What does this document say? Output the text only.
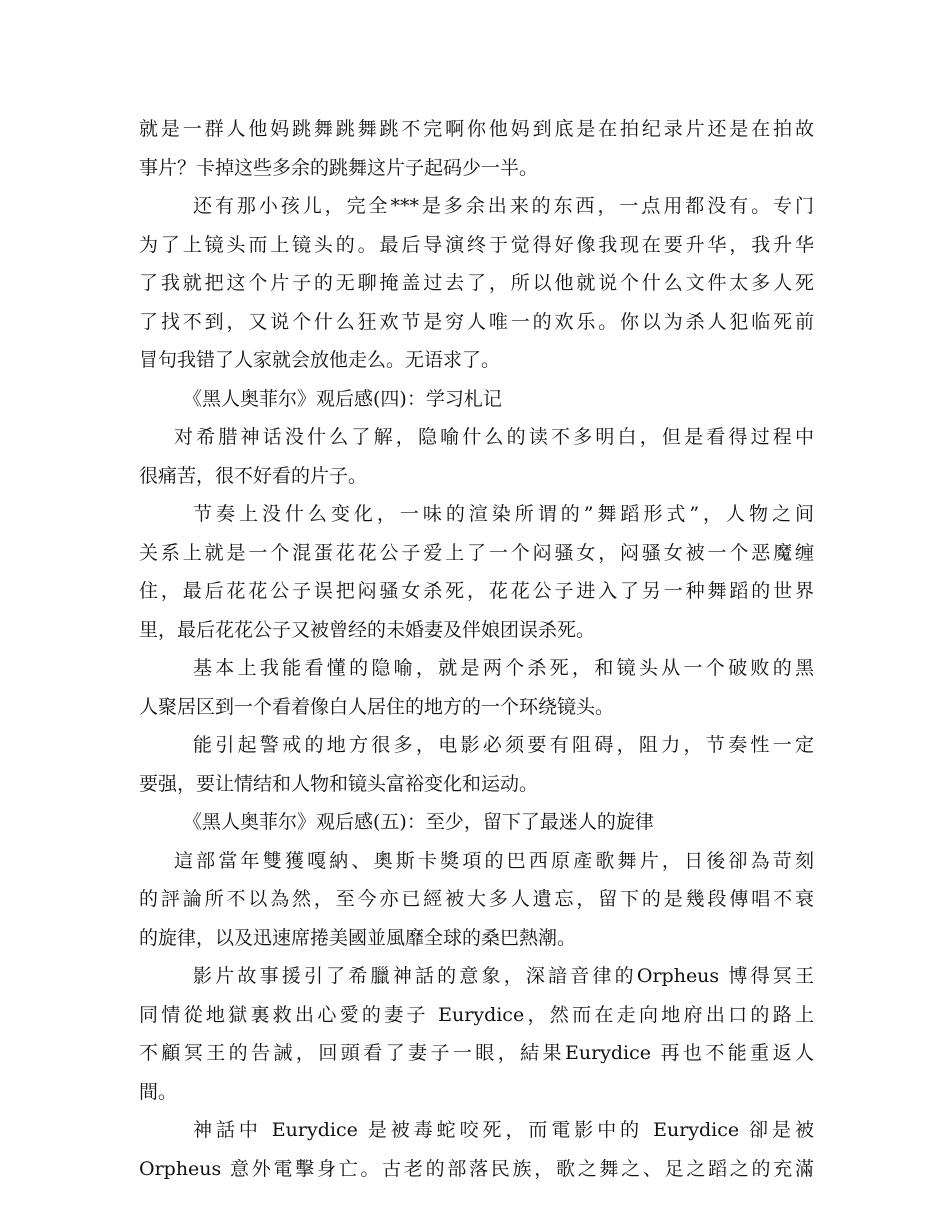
就是一群人他妈跳舞跳舞跳不完啊你他妈到底是在拍纪录片还是在拍故
事片？卡掉这些多余的跳舞这片子起码少一半。
还有那小孩儿，完全***是多余出来的东西，一点用都没有。专门
为了上镜头而上镜头的。最后导演终于觉得好像我现在要升华，我升华
了我就把这个片子的无聊掩盖过去了，所以他就说个什么文件太多人死
了找不到，又说个什么狂欢节是穷人唯一的欢乐。你以为杀人犯临死前
冒句我错了人家就会放他走么。无语求了。
《黑人奥菲尔》观后感(四)：学习札记
对希腊神话没什么了解，隐喻什么的读不多明白，但是看得过程中
很痛苦，很不好看的片子。
节奏上没什么变化，一味的渲染所谓的”舞蹈形式”，人物之间
关系上就是一个混蛋花花公子爱上了一个闷骚女，闷骚女被一个恶魔缠
住，最后花花公子误把闷骚女杀死，花花公子进入了另一种舞蹈的世界
里，最后花花公子又被曾经的未婚妻及伴娘团误杀死。
基本上我能看懂的隐喻，就是两个杀死，和镜头从一个破败的黑
人聚居区到一个看着像白人居住的地方的一个环绕镜头。
能引起警戒的地方很多，电影必须要有阻碍，阻力，节奏性一定
要强，要让情结和人物和镜头富裕变化和运动。
《黑人奥菲尔》观后感(五)：至少，留下了最迷人的旋律
這部當年雙獲嘎納、奧斯卡獎項的巴西原產歌舞片，日後卻為苛刻
的評論所不以為然，至今亦已經被大多人遺忘，留下的是幾段傳唱不衰
的旋律，以及迅速席捲美國並風靡全球的桑巴熱潮。
影片故事援引了希臘神話的意象，深諳音律的Orpheus 博得冥王
同情從地獄裏救出心愛的妻子 Eurydice，然而在走向地府出口的路上
不顧冥王的告誡，回頭看了妻子一眼，結果Eurydice 再也不能重返人
間。
神話中 Eurydice 是被毒蛇咬死，而電影中的 Eurydice 卻是被
Orpheus 意外電擊身亡。古老的部落民族，歌之舞之、足之蹈之的充滿
